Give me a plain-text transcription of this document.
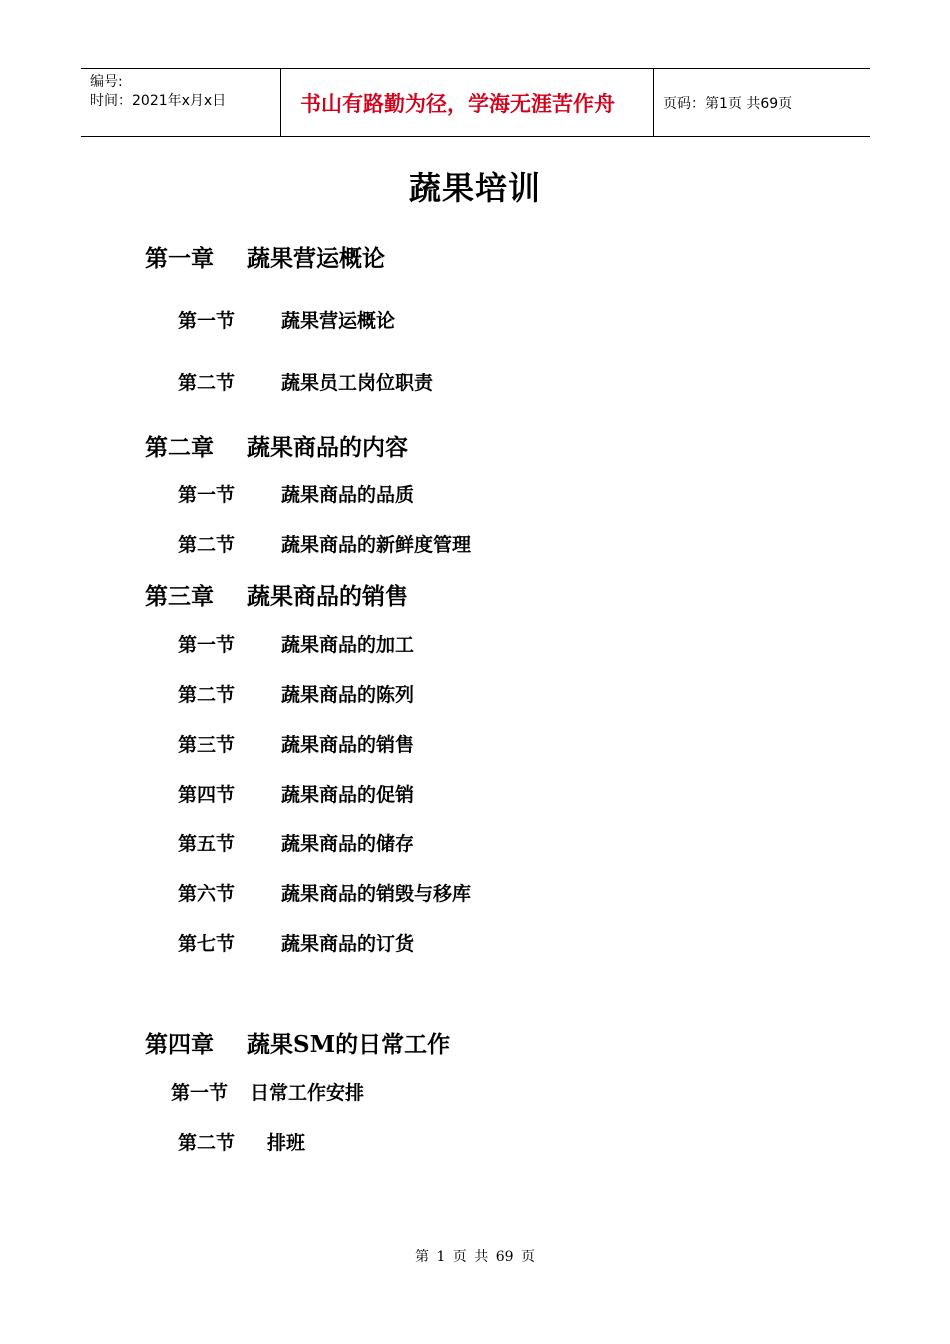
编号:
时间：2021年x月x日	书山有路勤为径，学海无涯苦作舟	页码：第1页 共69页
蔬果培训
第一章 蔬果营运概论
第一节 蔬果营运概论
第二节 蔬果员工岗位职责
第二章 蔬果商品的内容
第一节 蔬果商品的品质
第二节 蔬果商品的新鲜度管理
第三章 蔬果商品的销售
第一节 蔬果商品的加工
第二节 蔬果商品的陈列
第三节 蔬果商品的销售
第四节 蔬果商品的促销
第五节 蔬果商品的储存
第六节 蔬果商品的销毁与移库
第七节 蔬果商品的订货
第四章 蔬果SM的日常工作
第一节 日常工作安排
第二节 排班
第 1 页 共 69 页
